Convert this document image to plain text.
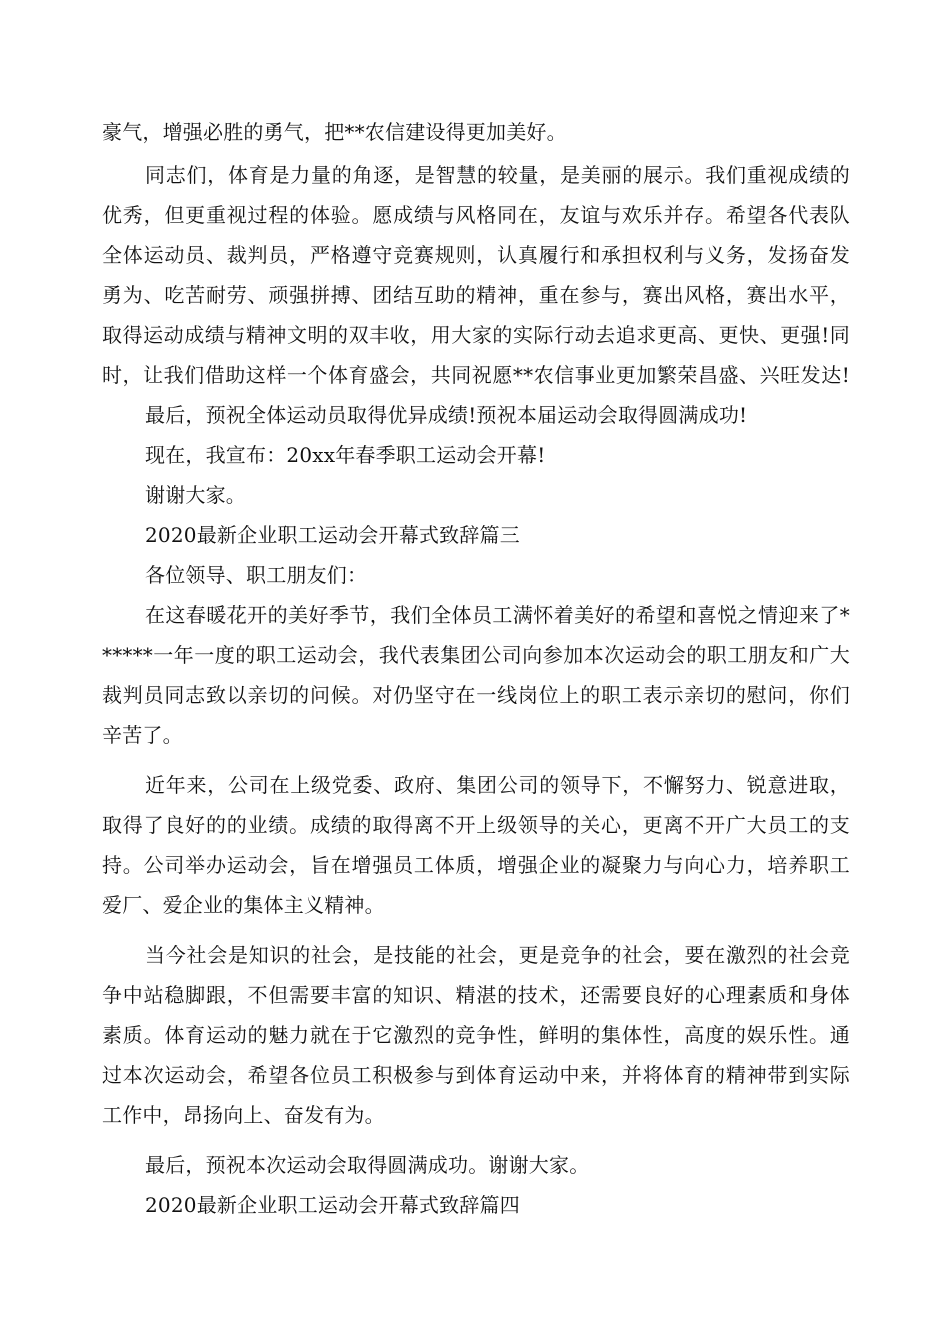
豪气，增强必胜的勇气，把**农信建设得更加美好。
同志们，体育是力量的角逐，是智慧的较量，是美丽的展示。我们重视成绩的
优秀，但更重视过程的体验。愿成绩与风格同在，友谊与欢乐并存。希望各代表队
全体运动员、裁判员，严格遵守竞赛规则，认真履行和承担权利与义务，发扬奋发
勇为、吃苦耐劳、顽强拼搏、团结互助的精神，重在参与，赛出风格，赛出水平，
取得运动成绩与精神文明的双丰收，用大家的实际行动去追求更高、更快、更强!同
时，让我们借助这样一个体育盛会，共同祝愿**农信事业更加繁荣昌盛、兴旺发达!
最后，预祝全体运动员取得优异成绩!预祝本届运动会取得圆满成功!
现在，我宣布：20xx年春季职工运动会开幕!
谢谢大家。
2020最新企业职工运动会开幕式致辞篇三
各位领导、职工朋友们：
在这春暖花开的美好季节，我们全体员工满怀着美好的希望和喜悦之情迎来了*
*****一年一度的职工运动会，我代表集团公司向参加本次运动会的职工朋友和广大
裁判员同志致以亲切的问候。对仍坚守在一线岗位上的职工表示亲切的慰问，你们
辛苦了。
近年来，公司在上级党委、政府、集团公司的领导下，不懈努力、锐意进取，
取得了良好的的业绩。成绩的取得离不开上级领导的关心，更离不开广大员工的支
持。公司举办运动会，旨在增强员工体质，增强企业的凝聚力与向心力，培养职工
爱厂、爱企业的集体主义精神。
当今社会是知识的社会，是技能的社会，更是竞争的社会，要在激烈的社会竞
争中站稳脚跟，不但需要丰富的知识、精湛的技术，还需要良好的心理素质和身体
素质。体育运动的魅力就在于它激烈的竞争性，鲜明的集体性，高度的娱乐性。通
过本次运动会，希望各位员工积极参与到体育运动中来，并将体育的精神带到实际
工作中，昂扬向上、奋发有为。
最后，预祝本次运动会取得圆满成功。谢谢大家。
2020最新企业职工运动会开幕式致辞篇四
